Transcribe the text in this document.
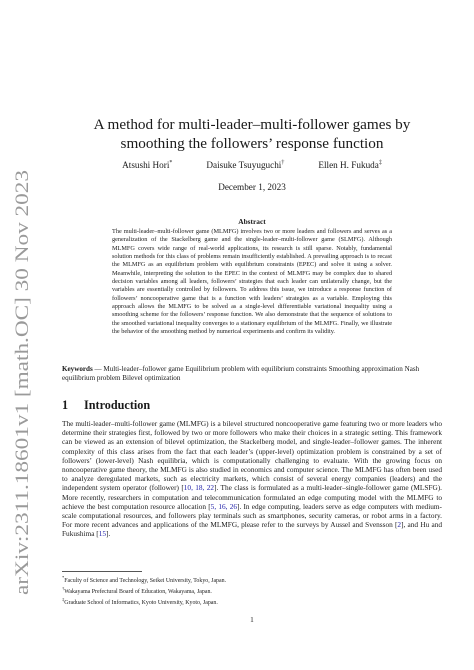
arXiv:2311.18601v1 [math.OC] 30 Nov 2023
A method for multi-leader–multi-follower games by
smoothing the followers’ response function
Atsushi Hori*	Daisuke Tsuyuguchi†	Ellen H. Fukuda‡
December 1, 2023
Abstract
The multi-leader–multi-follower game (MLMFG) involves two or more leaders and followers and serves as a generalization of the Stackelberg game and the single-leader–multi-follower game (SLMFG). Although MLMFG covers wide range of real-world applications, its research is still sparse. Notably, fundamental solution methods for this class of problems remain insufficiently established. A prevailing approach is to recast the MLMFG as an equilibrium problem with equilibrium constraints (EPEC) and solve it using a solver. Meanwhile, interpreting the solution to the EPEC in the context of MLMFG may be complex due to shared decision variables among all leaders, followers’ strategies that each leader can unilaterally change, but the variables are essentially controlled by followers. To address this issue, we introduce a response function of followers’ noncooperative game that is a function with leaders’ strategies as a variable. Employing this approach allows the MLMFG to be solved as a single-level differentiable variational inequality using a smoothing scheme for the followers’ response function. We also demonstrate that the sequence of solutions to the smoothed variational inequality converges to a stationary equilibrium of the MLMFG. Finally, we illustrate the behavior of the smoothing method by numerical experiments and confirm its validity.
Keywords — Multi-leader–follower game Equilibrium problem with equilibrium constraints Smoothing approximation Nash equilibrium problem Bilevel optimization
1 Introduction
The multi-leader–multi-follower game (MLMFG) is a bilevel structured noncooperative game featuring two or more leaders who determine their strategies first, followed by two or more followers who make their choices in a strategic setting. This framework can be viewed as an extension of bilevel optimization, the Stackelberg model, and single-leader–follower games. The inherent complexity of this class arises from the fact that each leader’s (upper-level) optimization problem is constrained by a set of followers’ (lower-level) Nash equilibria, which is computationally challenging to evaluate. With the growing focus on noncooperative game theory, the MLMFG is also studied in economics and computer science. The MLMFG has often been used to analyze deregulated markets, such as electricity markets, which consist of several energy companies (leaders) and the independent system operator (follower) [10, 18, 22]. The class is formulated as a multi-leader–single-follower game (MLSFG). More recently, researchers in computation and telecommunication formulated an edge computing model with the MLMFG to achieve the best computation resource allocation [5, 16, 26]. In edge computing, leaders serve as edge computers with medium-scale computational resources, and followers play terminals such as smartphones, security cameras, or robot arms in a factory. For more recent advances and applications of the MLMFG, please refer to the surveys by Aussel and Svensson [2], and Hu and Fukushima [15].
*Faculty of Science and Technology, Seikei University, Tokyo, Japan.
†Wakayama Prefectural Board of Education, Wakayama, Japan.
‡Graduate School of Informatics, Kyoto University, Kyoto, Japan.
1
